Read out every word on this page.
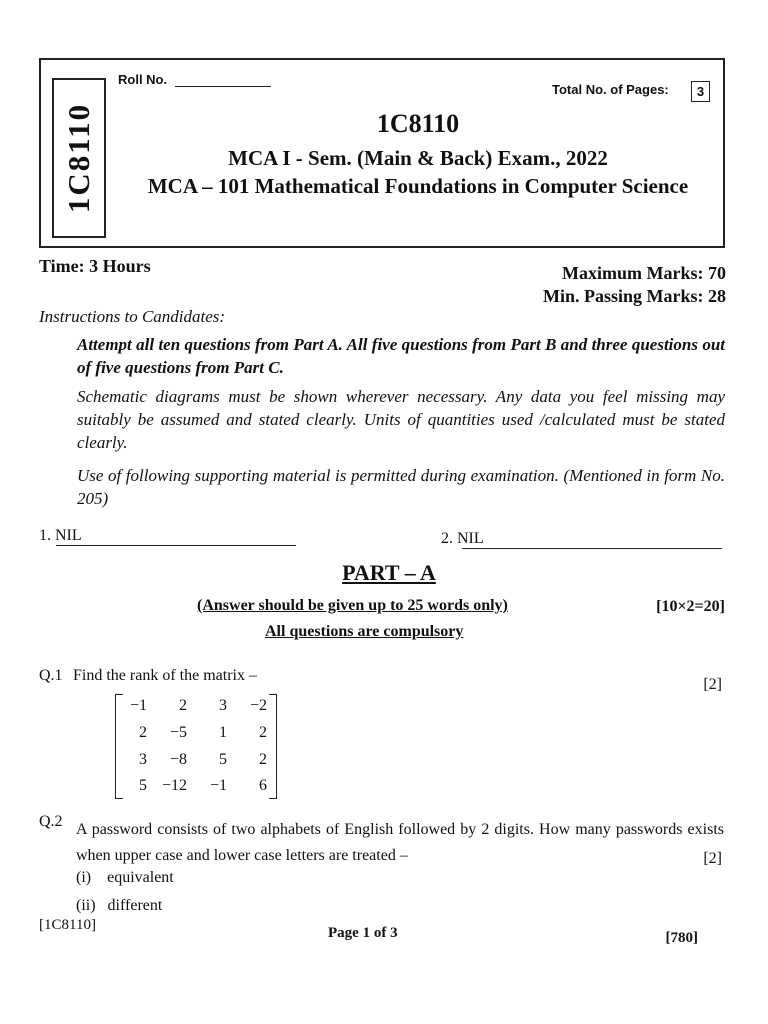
1C8110
Roll No.
Total No. of Pages:	3
1C8110
MCA I - Sem. (Main & Back) Exam., 2022
MCA – 101 Mathematical Foundations in Computer Science
Time: 3 Hours	Maximum Marks: 70
Min. Passing Marks: 28
Instructions to Candidates:
Attempt all ten questions from Part A. All five questions from Part B and three questions out of five questions from Part C.
Schematic diagrams must be shown wherever necessary. Any data you feel missing may suitably be assumed and stated clearly. Units of quantities used /calculated must be stated clearly.
Use of following supporting material is permitted during examination. (Mentioned in form No. 205)
1. NIL	2. NIL
PART – A
(Answer should be given up to 25 words only)	[10×2=20]
All questions are compulsory
Q.1 Find the rank of the matrix –
[2]
−1	2	3	−2
2	−5	1	2
3	−8	5	2
5 −12	−1	6
Q.2 A password consists of two alphabets of English followed by 2 digits. How many passwords exists when upper case and lower case letters are treated –	[2]
(i)    equivalent
(ii)   different
[1C8110]	Page 1 of 3	[780]
